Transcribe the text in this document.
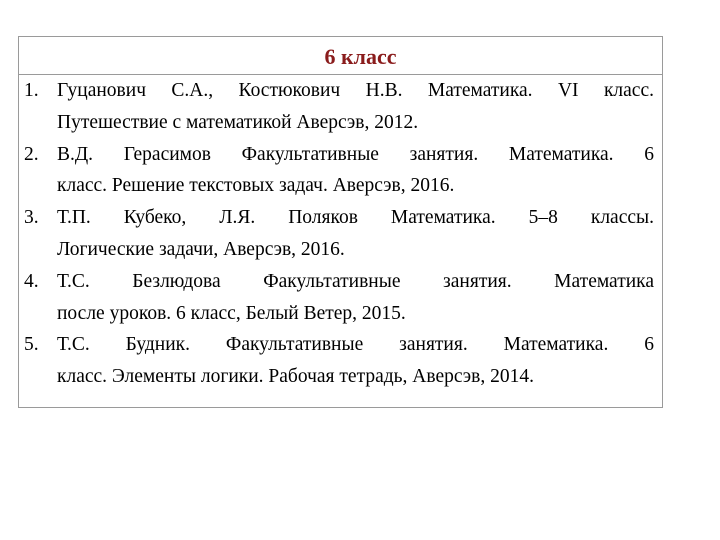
6 класс
1. Гуцанович С.А., Костюкович Н.В. Математика. VI класс.
Путешествие с математикой Аверсэв, 2012.
2. В.Д. Герасимов Факультативные занятия. Математика. 6
класс. Решение текстовых задач. Аверсэв, 2016.
3. Т.П. Кубеко, Л.Я. Поляков Математика. 5–8 классы.
Логические задачи, Аверсэв, 2016.
4. Т.С. Безлюдова Факультативные занятия. Математика
после уроков. 6 класс, Белый Ветер, 2015.
5. Т.С. Будник. Факультативные занятия. Математика. 6
класс. Элементы логики. Рабочая тетрадь, Аверсэв, 2014.
